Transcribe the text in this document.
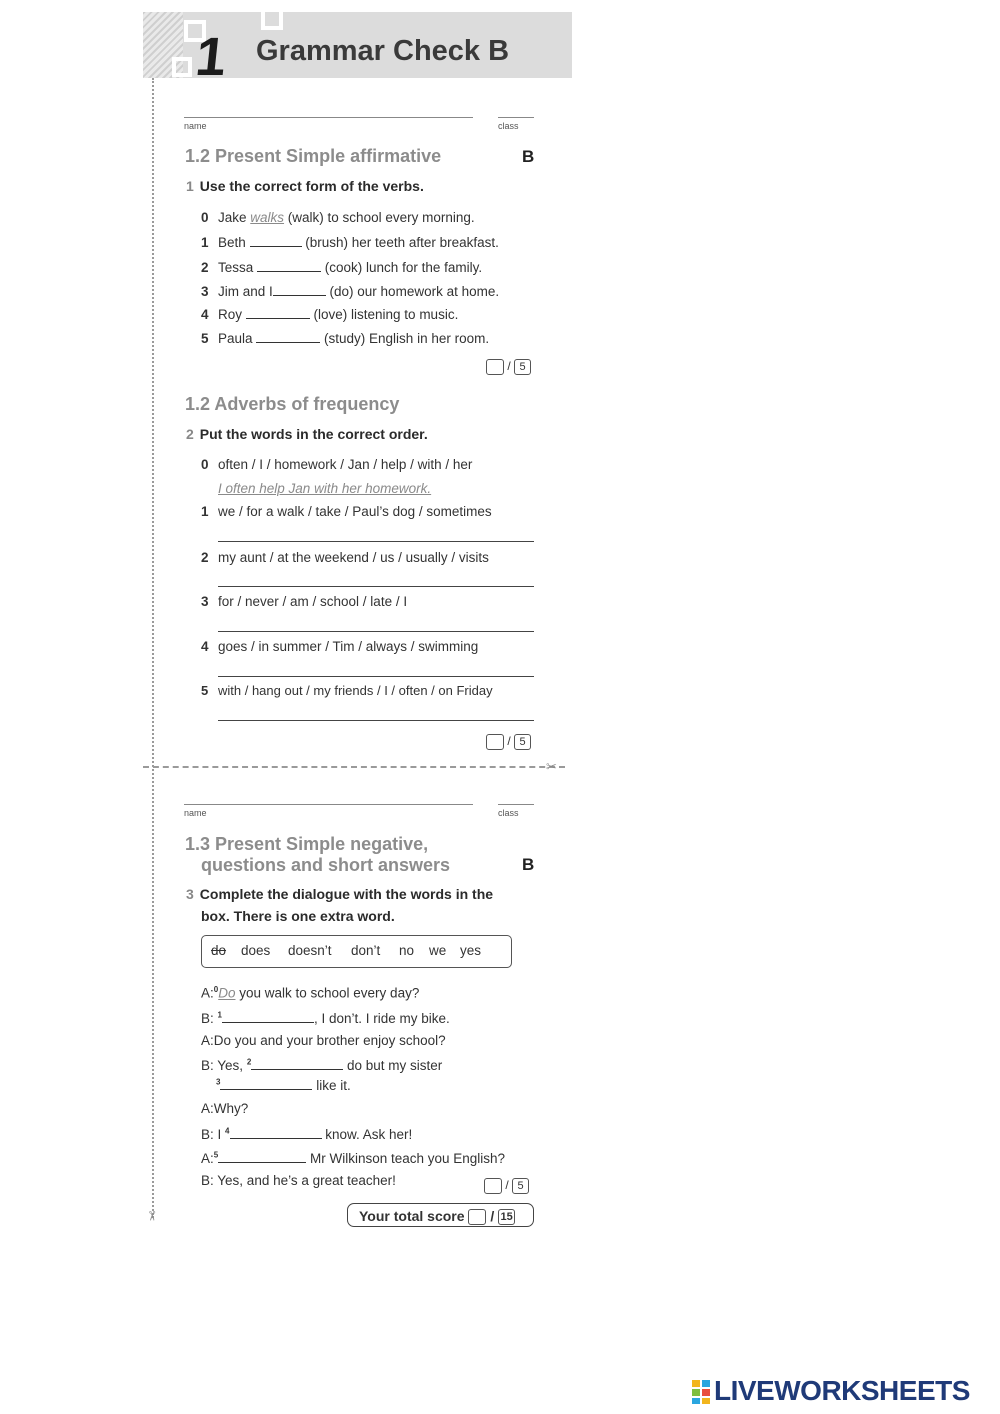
1 Grammar Check B
name	class
1.2 Present Simple affirmative	B
1 Use the correct form of the verbs.
0 Jake walks (walk) to school every morning.
1 Beth	(brush) her teeth after breakfast.
2 Tessa	(cook) lunch for the family.
3 Jim and I	(do) our homework at home.
4 Roy	(love) listening to music.
5 Paula	(study) English in her room.
/ 5
1.2 Adverbs of frequency
2 Put the words in the correct order.
0 often / I / homework / Jan / help / with / her
I often help Jan with her homework.
1 we / for a walk / take / Paul’s dog / sometimes
2 my aunt / at the weekend / us / usually / visits
3 for / never / am / school / late / I
4 goes / in summer / Tim / always / swimming
5 with / hang out / my friends / I / often / on Friday
/ 5
✂
name	class
1.3 Present Simple negative,
questions and short answers	B
3 Complete the dialogue with the words in the
box. There is one extra word.
do does doesn’t don’t no we yes
A:$^0$Do you walk to school every day?
B: $^1$	, I don’t. I ride my bike.
A:Do you and your brother enjoy school?
B: Yes, $^2$	do but my sister
$^3$	like it.
A:Why?
B: I $^4$	know. Ask her!
A:$^5$	Mr Wilkinson teach you English?
B: Yes, and he’s a great teacher!	/ 5
Your total score  / 15
✂
LIVEWORKSHEETS
